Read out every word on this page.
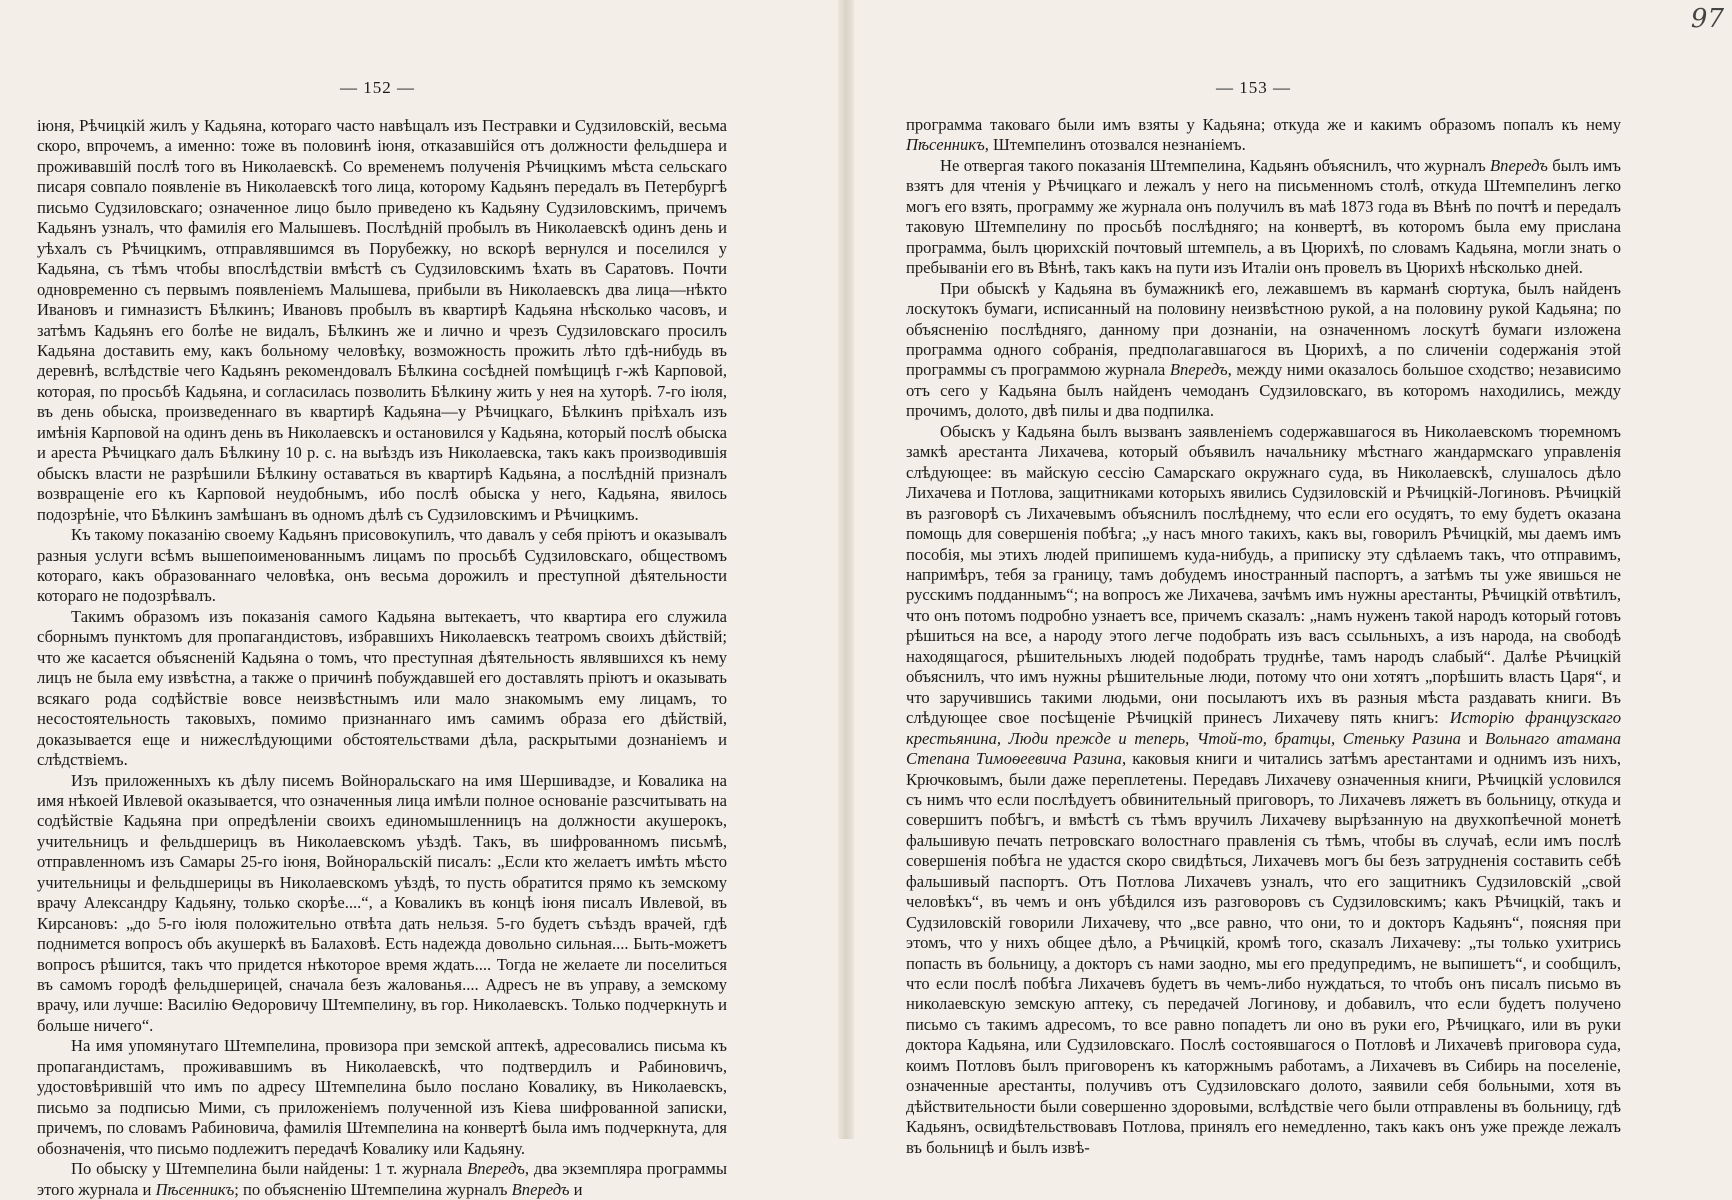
— 152 —

іюня, Рѣчицкій жилъ у Кадьяна, котораго часто навѣщалъ изъ Пестравки и Судзиловскій, весьма скоро, впрочемъ, а именно: тоже въ половинѣ іюня, отказавшійся отъ должности фельдшера и проживавшій послѣ того въ Николаевскѣ. Со временемъ полученія Рѣчицкимъ мѣста сельскаго писаря совпало появленіе въ Николаевскѣ того лица, которому Кадьянъ передалъ въ Петербургѣ письмо Судзиловскаго; означенное лицо было приведено къ Кадьяну Судзиловскимъ, причемъ Кадьянъ узналъ, что фамилія его Малышевъ. Послѣдній пробылъ въ Николаевскѣ одинъ день и уѣхалъ съ Рѣчицкимъ, отправлявшимся въ Порубежку, но вскорѣ вернулся и поселился у Кадьяна, съ тѣмъ чтобы впослѣдствіи вмѣстѣ съ Судзиловскимъ ѣхать въ Саратовъ. Почти одновременно съ первымъ появленіемъ Малышева, прибыли въ Николаевскъ два лица—нѣкто Ивановъ и гимназистъ Бѣлкинъ; Ивановъ пробылъ въ квартирѣ Кадьяна нѣсколько часовъ, и затѣмъ Кадьянъ его болѣе не видалъ, Бѣлкинъ же и лично и чрезъ Судзиловскаго просилъ Кадьяна доставить ему, какъ больному человѣку, возможность прожить лѣто гдѣ-нибудь въ деревнѣ, вслѣдствіе чего Кадьянъ рекомендовалъ Бѣлкина сосѣдней помѣщицѣ г-жѣ Карповой, которая, по просьбѣ Кадьяна, и согласилась позволить Бѣлкину жить у нея на хуторѣ. 7-го іюля, въ день обыска, произведеннаго въ квартирѣ Кадьяна—у Рѣчицкаго, Бѣлкинъ пріѣхалъ изъ имѣнія Карповой на одинъ день въ Николаевскъ и остановился у Кадьяна, который послѣ обыска и ареста Рѣчицкаго далъ Бѣлкину 10 р. с. на выѣздъ изъ Николаевска, такъ какъ производившія обыскъ власти не разрѣшили Бѣлкину оставаться въ квартирѣ Кадьяна, а послѣдній призналъ возвращеніе его къ Карповой неудобнымъ, ибо послѣ обыска у него, Кадьяна, явилось подозрѣніе, что Бѣлкинъ замѣшанъ въ одномъ дѣлѣ съ Судзиловскимъ и Рѣчицкимъ.

Къ такому показанію своему Кадьянъ присовокупилъ, что давалъ у себя пріютъ и оказывалъ разныя услуги всѣмъ вышепоименованнымъ лицамъ по просьбѣ Судзиловскаго, обществомъ котораго, какъ образованнаго человѣка, онъ весьма дорожилъ и преступной дѣятельности котораго не подозрѣвалъ.

Такимъ образомъ изъ показанія самого Кадьяна вытекаетъ, что квартира его служила сборнымъ пунктомъ для пропагандистовъ, избравшихъ Николаевскъ театромъ своихъ дѣйствій; что же касается объясненій Кадьяна о томъ, что преступная дѣятельность являвшихся къ нему лицъ не была ему извѣстна, а также о причинѣ побуждавшей его доставлять пріютъ и оказывать всякаго рода содѣйствіе вовсе неизвѣстнымъ или мало знакомымъ ему лицамъ, то несостоятельность таковыхъ, помимо признаннаго имъ самимъ образа его дѣйствій, доказывается еще и нижеслѣдующими обстоятельствами дѣла, раскрытыми дознаніемъ и слѣдствіемъ.

Изъ приложенныхъ къ дѣлу писемъ Войноральскаго на имя Шершивадзе, и Ковалика на имя нѣкоей Ивлевой оказывается, что означенныя лица имѣли полное основаніе разсчитывать на содѣйствіе Кадьяна при опредѣленіи своихъ единомышленницъ на должности акушерокъ, учительницъ и фельдшерицъ въ Николаевскомъ уѣздѣ. Такъ, въ шифрованномъ письмѣ, отправленномъ изъ Самары 25-го іюня, Войноральскій писалъ: „Если кто желаетъ имѣть мѣсто учительницы и фельдшерицы въ Николаевскомъ уѣздѣ, то пусть обратится прямо къ земскому врачу Александру Кадьяну, только скорѣе....“, а Коваликъ въ концѣ іюня писалъ Ивлевой, въ Кирсановъ: „до 5-го іюля положительно отвѣта дать нельзя. 5-го будетъ съѣздъ врачей, гдѣ поднимется вопросъ объ акушеркѣ въ Балаховѣ. Есть надежда довольно сильная.... Быть-можетъ вопросъ рѣшится, такъ что придется нѣкоторое время ждать.... Тогда не желаете ли поселиться въ самомъ городѣ фельдшерицей, сначала безъ жалованья.... Адресъ не въ управу, а земскому врачу, или лучше: Василію Ѳедоровичу Штемпелину, въ гор. Николаевскъ. Только подчеркнуть и больше ничего“.

На имя упомянутаго Штемпелина, провизора при земской аптекѣ, адресовались письма къ пропагандистамъ, проживавшимъ въ Николаевскѣ, что подтвердилъ и Рабиновичъ, удостовѣрившій что имъ по адресу Штемпелина было послано Ковалику, въ Николаевскъ, письмо за подписью Мими, съ приложеніемъ полученной изъ Кіева шифрованной записки, причемъ, по словамъ Рабиновича, фамилія Штемпелина на конвертѣ была имъ подчеркнута, для обозначенія, что письмо подлежитъ передачѣ Ковалику или Кадьяну.

По обыску у Штемпелина были найдены: 1 т. журнала Впередъ, два экземпляра программы этого журнала и Пѣсенникъ; по объясненію Штемпелина журналъ Впередъ и

97
— 153 —

программа таковаго были имъ взяты у Кадьяна; откуда же и какимъ образомъ попалъ къ нему Пѣсенникъ, Штемпелинъ отозвался незнаніемъ.

Не отвергая такого показанія Штемпелина, Кадьянъ объяснилъ, что журналъ Впередъ былъ имъ взятъ для чтенія у Рѣчицкаго и лежалъ у него на письменномъ столѣ, откуда Штемпелинъ легко могъ его взять, программу же журнала онъ получилъ въ маѣ 1873 года въ Вѣнѣ по почтѣ и передалъ таковую Штемпелину по просьбѣ послѣдняго; на конвертѣ, въ которомъ была ему прислана программа, былъ цюрихскій почтовый штемпель, а въ Цюрихѣ, по словамъ Кадьяна, могли знать о пребываніи его въ Вѣнѣ, такъ какъ на пути изъ Италіи онъ провелъ въ Цюрихѣ нѣсколько дней.

При обыскѣ у Кадьяна въ бумажникѣ его, лежавшемъ въ карманѣ сюртука, былъ найденъ лоскутокъ бумаги, исписанный на половину неизвѣстною рукой, а на половину рукой Кадьяна; по объясненію послѣдняго, данному при дознаніи, на означенномъ лоскутѣ бумаги изложена программа одного собранія, предполагавшагося въ Цюрихѣ, а по сличеніи содержанія этой программы съ программою журнала Впередъ, между ними оказалось большое сходство; независимо отъ сего у Кадьяна былъ найденъ чемоданъ Судзиловскаго, въ которомъ находились, между прочимъ, долото, двѣ пилы и два подпилка.

Обыскъ у Кадьяна былъ вызванъ заявленіемъ содержавшагося въ Николаевскомъ тюремномъ замкѣ арестанта Лихачева, который объявилъ начальнику мѣстнаго жандармскаго управленія слѣдующее: въ майскую сессію Самарскаго окружнаго суда, въ Николаевскѣ, слушалось дѣло Лихачева и Потлова, защитниками которыхъ явились Судзиловскій и Рѣчицкій-Логиновъ. Рѣчицкій въ разговорѣ съ Лихачевымъ объяснилъ послѣднему, что если его осудятъ, то ему будетъ оказана помощь для совершенія побѣга; „у насъ много такихъ, какъ вы, говорилъ Рѣчицкій, мы даемъ имъ пособія, мы этихъ людей припишемъ куда-нибудь, а приписку эту сдѣлаемъ такъ, что отправимъ, напримѣръ, тебя за границу, тамъ добудемъ иностранный паспортъ, а затѣмъ ты уже явишься не русскимъ подданнымъ“; на вопросъ же Лихачева, зачѣмъ имъ нужны арестанты, Рѣчицкій отвѣтилъ, что онъ потомъ подробно узнаетъ все, причемъ сказалъ: „намъ нуженъ такой народъ который готовъ рѣшиться на все, а народу этого легче подобрать изъ васъ ссыльныхъ, а изъ народа, на свободѣ находящагося, рѣшительныхъ людей подобрать труднѣе, тамъ народъ слабый“. Далѣе Рѣчицкій объяснилъ, что имъ нужны рѣшительные люди, потому что они хотятъ „порѣшить власть Царя“, и что заручившись такими людьми, они посылаютъ ихъ въ разныя мѣста раздавать книги. Въ слѣдующее свое посѣщеніе Рѣчицкій принесъ Лихачеву пять книгъ: Исторію французскаго крестьянина, Люди прежде и теперь, Чтой-то, братцы, Стеньку Разина и Вольнаго атамана Степана Тимоѳеевича Разина, каковыя книги и читались затѣмъ арестантами и однимъ изъ нихъ, Крючковымъ, были даже переплетены. Передавъ Лихачеву означенныя книги, Рѣчицкій условился съ нимъ что если послѣдуетъ обвинительный приговоръ, то Лихачевъ ляжетъ въ больницу, откуда и совершитъ побѣгъ, и вмѣстѣ съ тѣмъ вручилъ Лихачеву вырѣзанную на двухкопѣечной монетѣ фальшивую печать петровскаго волостнаго правленія съ тѣмъ, чтобы въ случаѣ, если имъ послѣ совершенія побѣга не удастся скоро свидѣться, Лихачевъ могъ бы безъ затрудненія составить себѣ фальшивый паспортъ. Отъ Потлова Лихачевъ узналъ, что его защитникъ Судзиловскій „свой человѣкъ“, въ чемъ и онъ убѣдился изъ разговоровъ съ Судзиловскимъ; какъ Рѣчицкій, такъ и Судзиловскій говорили Лихачеву, что „все равно, что они, то и докторъ Кадьянъ“, поясняя при этомъ, что у нихъ общее дѣло, а Рѣчицкій, кромѣ того, сказалъ Лихачеву: „ты только ухитрись попасть въ больницу, а докторъ съ нами заодно, мы его предупредимъ, не выпишетъ“, и сообщилъ, что если послѣ побѣга Лихачевъ будетъ въ чемъ-либо нуждаться, то чтобъ онъ писалъ письмо въ николаевскую земскую аптеку, съ передачей Логинову, и добавилъ, что если будетъ получено письмо съ такимъ адресомъ, то все равно попадетъ ли оно въ руки его, Рѣчицкаго, или въ руки доктора Кадьяна, или Судзиловскаго. Послѣ состоявшагося о Потловѣ и Лихачевѣ приговора суда, коимъ Потловъ былъ приговоренъ къ каторжнымъ работамъ, а Лихачевъ въ Сибирь на поселеніе, означенные арестанты, получивъ отъ Судзиловскаго долото, заявили себя больными, хотя въ дѣйствительности были совершенно здоровыми, вслѣдствіе чего были отправлены въ больницу, гдѣ Кадьянъ, освидѣтельствовавъ Потлова, принялъ его немедленно, такъ какъ онъ уже прежде лежалъ въ больницѣ и былъ извѣ-
